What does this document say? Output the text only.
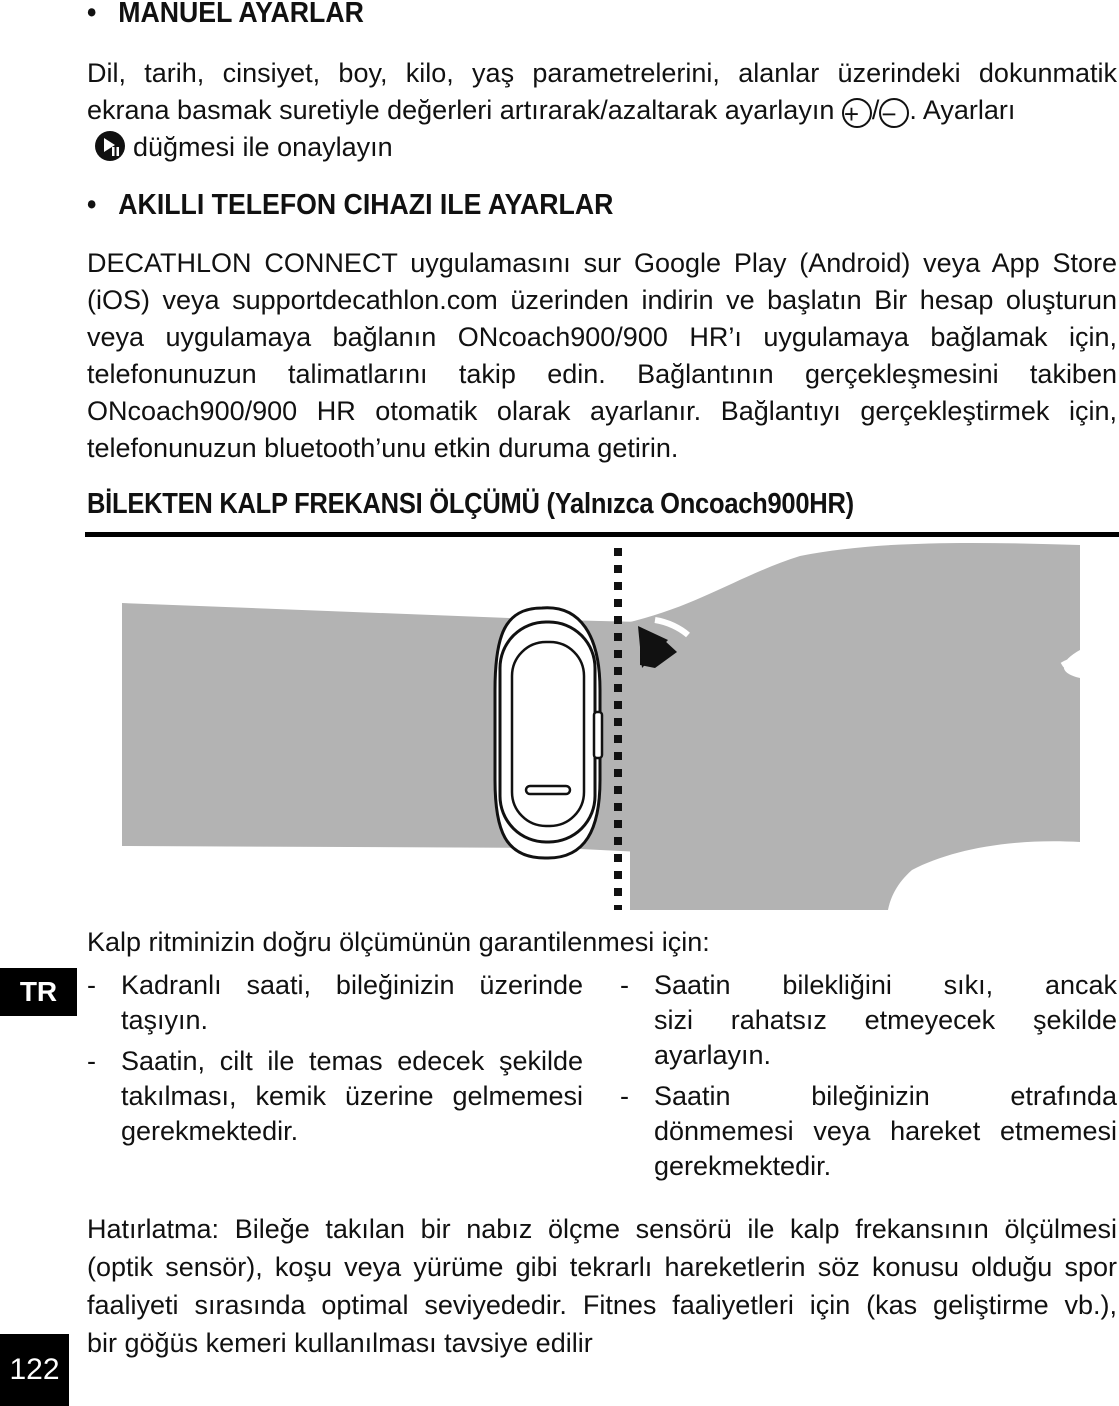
• MANUEL AYARLAR
Dil, tarih, cinsiyet, boy, kilo, yaş parametrelerini, alanlar üzerindeki dokunmatik
ekrana basmak suretiyle değerleri artırarak/azaltarak ayarlayın + /− . Ayarları
düğmesi ile onaylayın
• AKILLI TELEFON CIHAZI ILE AYARLAR
DECATHLON CONNECT uygulamasını sur Google Play (Android) veya App Store
(iOS) veya supportdecathlon.com üzerinden indirin ve başlatın Bir hesap oluşturun
veya uygulamaya bağlanın ONcoach900/900 HR’ı uygulamaya bağlamak için,
telefonunuzun talimatlarını takip edin. Bağlantının gerçekleşmesini takiben
ONcoach900/900 HR otomatik olarak ayarlanır. Bağlantıyı gerçekleştirmek için,
telefonunuzun bluetooth’unu etkin duruma getirin.
BİLEKTEN KALP FREKANSI ÖLÇÜMÜ (Yalnızca Oncoach900HR)
Kalp ritminizin doğru ölçümünün garantilenmesi için:
TR	- Kadranlı saati, bileğinizin üzerinde
taşıyın.
- Saatin, cilt ile temas edecek şekilde
takılması, kemik üzerine gelmemesi
gerekmektedir.
- Saatin bilekliğini sıkı, ancak
sizi rahatsız etmeyecek şekilde
ayarlayın.
- Saatin bileğinizin etrafında
dönmemesi veya hareket etmemesi
gerekmektedir.
Hatırlatma: Bileğe takılan bir nabız ölçme sensörü ile kalp frekansının ölçülmesi
(optik sensör), koşu veya yürüme gibi tekrarlı hareketlerin söz konusu olduğu spor
faaliyeti sırasında optimal seviyededir. Fitnes faaliyetleri için (kas geliştirme vb.),
bir göğüs kemeri kullanılması tavsiye edilir
122
